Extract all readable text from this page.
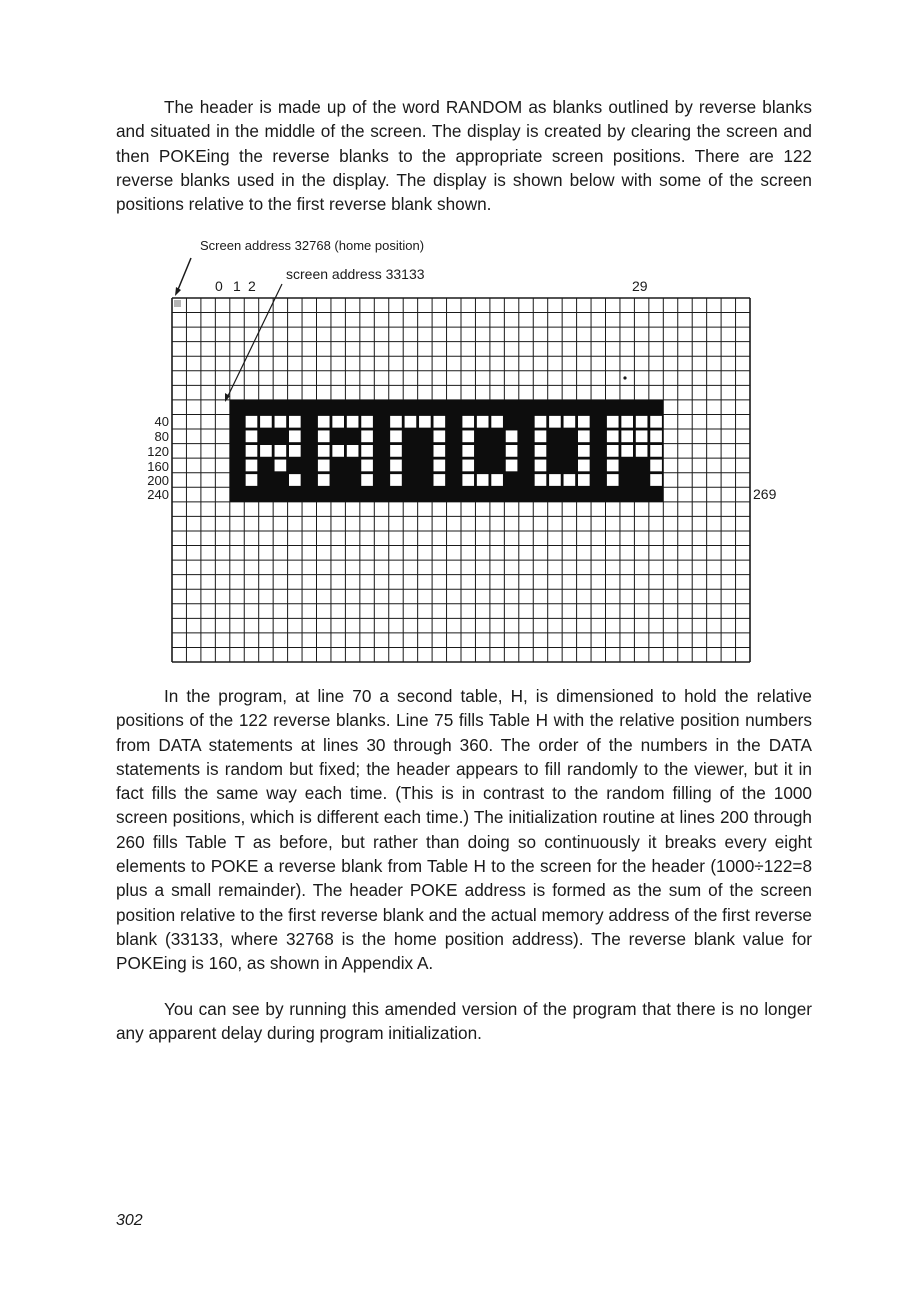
The header is made up of the word RANDOM as blanks outlined by reverse blanks and situated in the middle of the screen. The display is created by clearing the screen and then POKEing the reverse blanks to the appropriate screen positions. There are 122 reverse blanks used in the display. The display is shown below with some of the screen positions relative to the first reverse blank shown.

Screen address 32768 (home position)
screen address 33133
0 1 2	29
40
80
120
160
200
240	269

In the program, at line 70 a second table, H, is dimensioned to hold the relative positions of the 122 reverse blanks. Line 75 fills Table H with the relative position numbers from DATA statements at lines 30 through 360. The order of the numbers in the DATA statements is random but fixed; the header appears to fill randomly to the viewer, but it in fact fills the same way each time. (This is in contrast to the random filling of the 1000 screen positions, which is different each time.) The initialization routine at lines 200 through 260 fills Table T as before, but rather than doing so continuously it breaks every eight elements to POKE a reverse blank from Table H to the screen for the header (1000÷122=8 plus a small remainder). The header POKE address is formed as the sum of the screen position relative to the first reverse blank and the actual memory address of the first reverse blank (33133, where 32768 is the home position address). The reverse blank value for POKEing is 160, as shown in Appendix A.

You can see by running this amended version of the program that there is no longer any apparent delay during program initialization.

302
